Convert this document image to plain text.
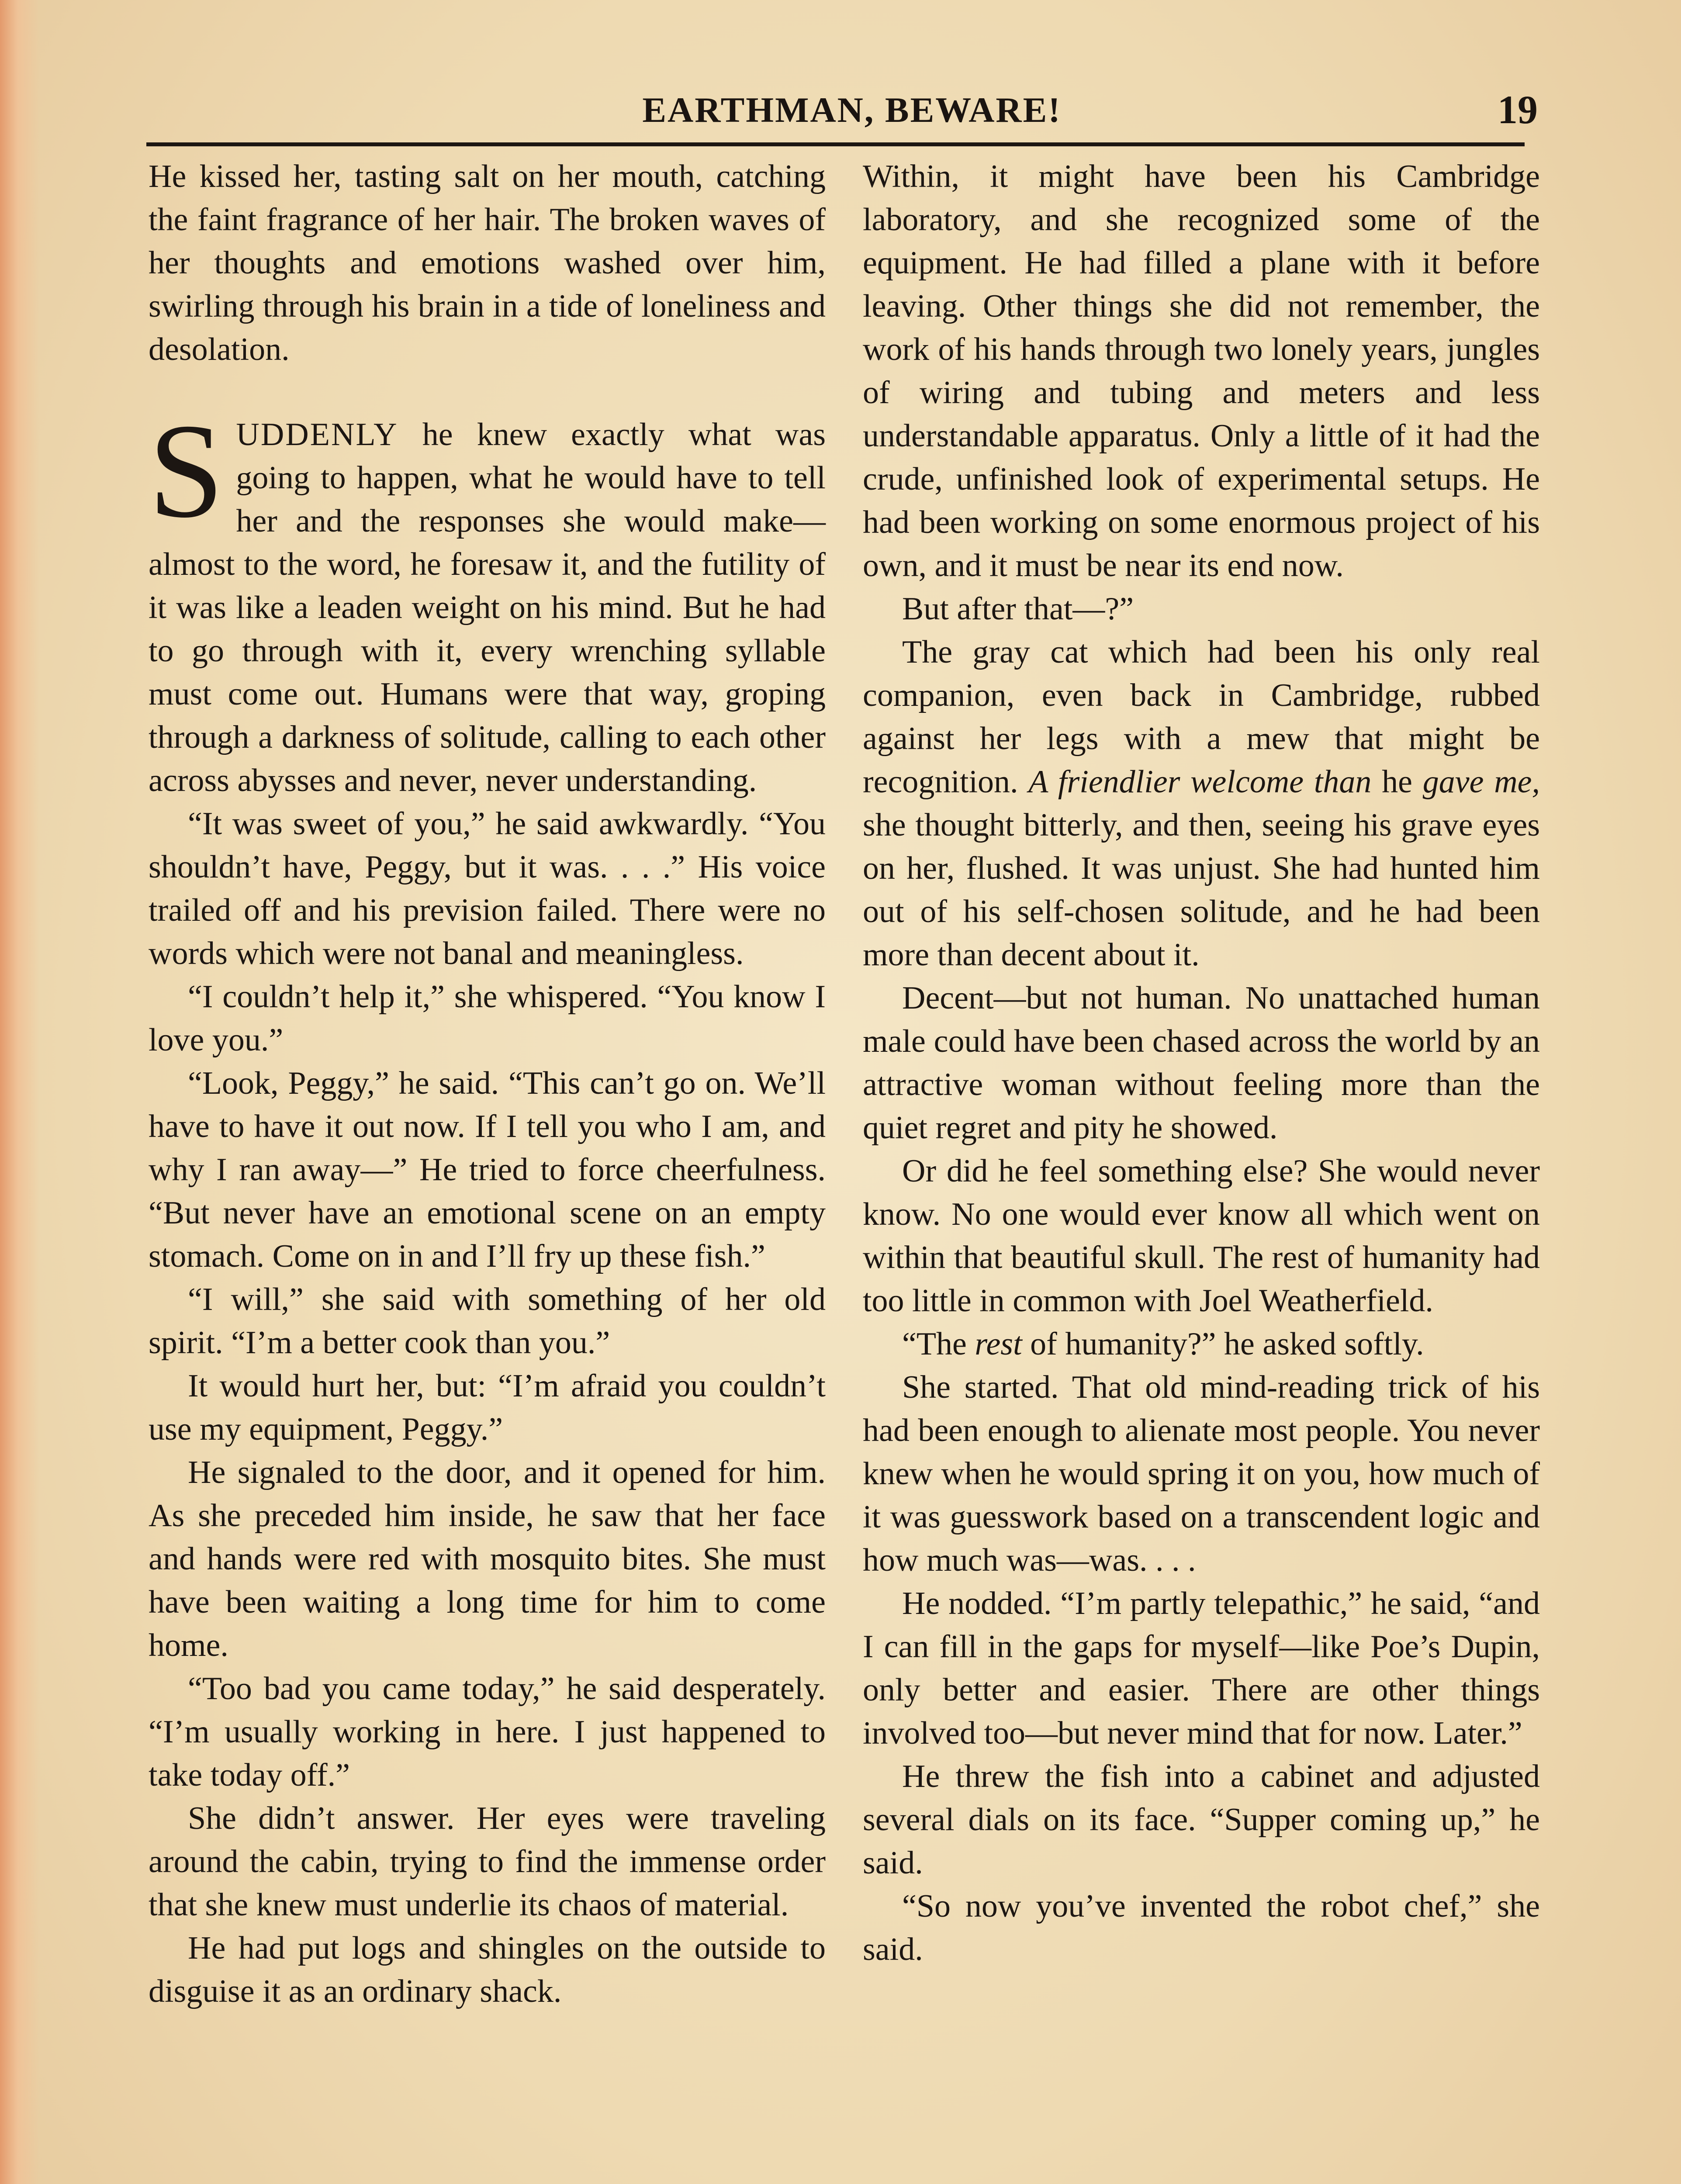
EARTHMAN, BEWARE!	19

He kissed her, tasting salt on her mouth, catching the faint fragrance of her hair. The broken waves of her thoughts and emotions washed over him, swirling through his brain in a tide of loneliness and desolation.

SUDDENLY he knew exactly what was going to happen, what he would have to tell her and the responses she would make—almost to the word, he foresaw it, and the futility of it was like a leaden weight on his mind. But he had to go through with it, every wrenching syllable must come out. Humans were that way, groping through a darkness of solitude, calling to each other across abysses and never, never understanding.

“It was sweet of you,” he said awkwardly. “You shouldn’t have, Peggy, but it was. . . .” His voice trailed off and his prevision failed. There were no words which were not banal and meaningless.

“I couldn’t help it,” she whispered. “You know I love you.”

“Look, Peggy,” he said. “This can’t go on. We’ll have to have it out now. If I tell you who I am, and why I ran away—” He tried to force cheerfulness. “But never have an emotional scene on an empty stomach. Come on in and I’ll fry up these fish.”

“I will,” she said with something of her old spirit. “I’m a better cook than you.”

It would hurt her, but: “I’m afraid you couldn’t use my equipment, Peggy.”

He signaled to the door, and it opened for him. As she preceded him inside, he saw that her face and hands were red with mosquito bites. She must have been waiting a long time for him to come home.

“Too bad you came today,” he said desperately. “I’m usually working in here. I just happened to take today off.”

She didn’t answer. Her eyes were traveling around the cabin, trying to find the immense order that she knew must underlie its chaos of material.

He had put logs and shingles on the outside to disguise it as an ordinary shack.

Within, it might have been his Cambridge laboratory, and she recognized some of the equipment. He had filled a plane with it before leaving. Other things she did not remember, the work of his hands through two lonely years, jungles of wiring and tubing and meters and less understandable apparatus. Only a little of it had the crude, unfinished look of experimental setups. He had been working on some enormous project of his own, and it must be near its end now.

But after that—?”

The gray cat which had been his only real companion, even back in Cambridge, rubbed against her legs with a mew that might be recognition. A friendlier welcome than he gave me, she thought bitterly, and then, seeing his grave eyes on her, flushed. It was unjust. She had hunted him out of his self-chosen solitude, and he had been more than decent about it.

Decent—but not human. No unattached human male could have been chased across the world by an attractive woman without feeling more than the quiet regret and pity he showed.

Or did he feel something else? She would never know. No one would ever know all which went on within that beautiful skull. The rest of humanity had too little in common with Joel Weatherfield.

“The rest of humanity?” he asked softly.

She started. That old mind-reading trick of his had been enough to alienate most people. You never knew when he would spring it on you, how much of it was guesswork based on a transcendent logic and how much was—was. . . .

He nodded. “I’m partly telepathic,” he said, “and I can fill in the gaps for myself—like Poe’s Dupin, only better and easier. There are other things involved too—but never mind that for now. Later.”

He threw the fish into a cabinet and adjusted several dials on its face. “Supper coming up,” he said.

“So now you’ve invented the robot chef,” she said.
